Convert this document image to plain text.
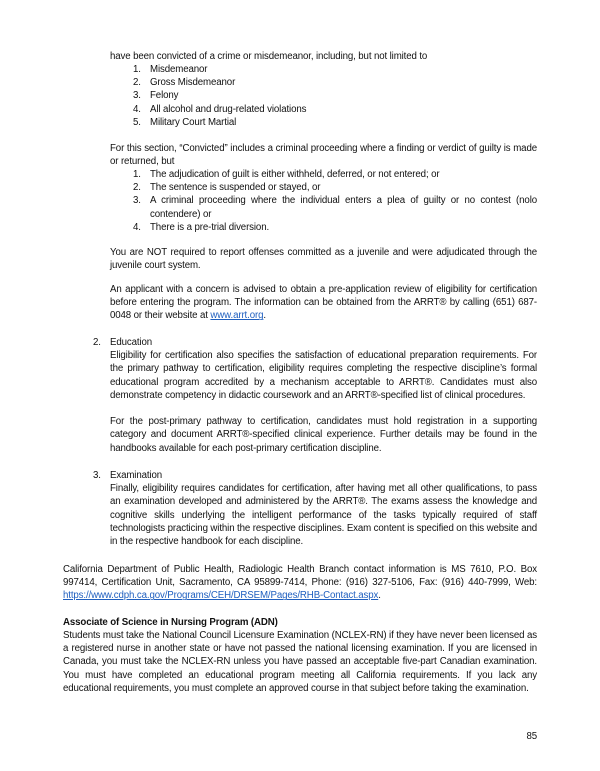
have been convicted of a crime or misdemeanor, including, but not limited to
1. Misdemeanor
2. Gross Misdemeanor
3. Felony
4. All alcohol and drug-related violations
5. Military Court Martial
For this section, “Convicted” includes a criminal proceeding where a finding or verdict of guilty is made or returned, but
1. The adjudication of guilt is either withheld, deferred, or not entered; or
2. The sentence is suspended or stayed, or
3. A criminal proceeding where the individual enters a plea of guilty or no contest (nolo contendere) or
4. There is a pre-trial diversion.
You are NOT required to report offenses committed as a juvenile and were adjudicated through the juvenile court system.
An applicant with a concern is advised to obtain a pre-application review of eligibility for certification before entering the program. The information can be obtained from the ARRT® by calling (651) 687-0048 or their website at www.arrt.org.
2. Education
Eligibility for certification also specifies the satisfaction of educational preparation requirements. For the primary pathway to certification, eligibility requires completing the respective discipline’s formal educational program accredited by a mechanism acceptable to ARRT®. Candidates must also demonstrate competency in didactic coursework and an ARRT®-specified list of clinical procedures.
For the post-primary pathway to certification, candidates must hold registration in a supporting category and document ARRT®-specified clinical experience. Further details may be found in the handbooks available for each post-primary certification discipline.
3. Examination
Finally, eligibility requires candidates for certification, after having met all other qualifications, to pass an examination developed and administered by the ARRT®. The exams assess the knowledge and cognitive skills underlying the intelligent performance of the tasks typically required of staff technologists practicing within the respective disciplines. Exam content is specified on this website and in the respective handbook for each discipline.
California Department of Public Health, Radiologic Health Branch contact information is MS 7610, P.O. Box 997414, Certification Unit, Sacramento, CA 95899-7414, Phone: (916) 327-5106, Fax: (916) 440-7999, Web: https://www.cdph.ca.gov/Programs/CEH/DRSEM/Pages/RHB-Contact.aspx.
Associate of Science in Nursing Program (ADN)
Students must take the National Council Licensure Examination (NCLEX-RN) if they have never been licensed as a registered nurse in another state or have not passed the national licensing examination. If you are licensed in Canada, you must take the NCLEX-RN unless you have passed an acceptable five-part Canadian examination. You must have completed an educational program meeting all California requirements. If you lack any educational requirements, you must complete an approved course in that subject before taking the examination.
85
